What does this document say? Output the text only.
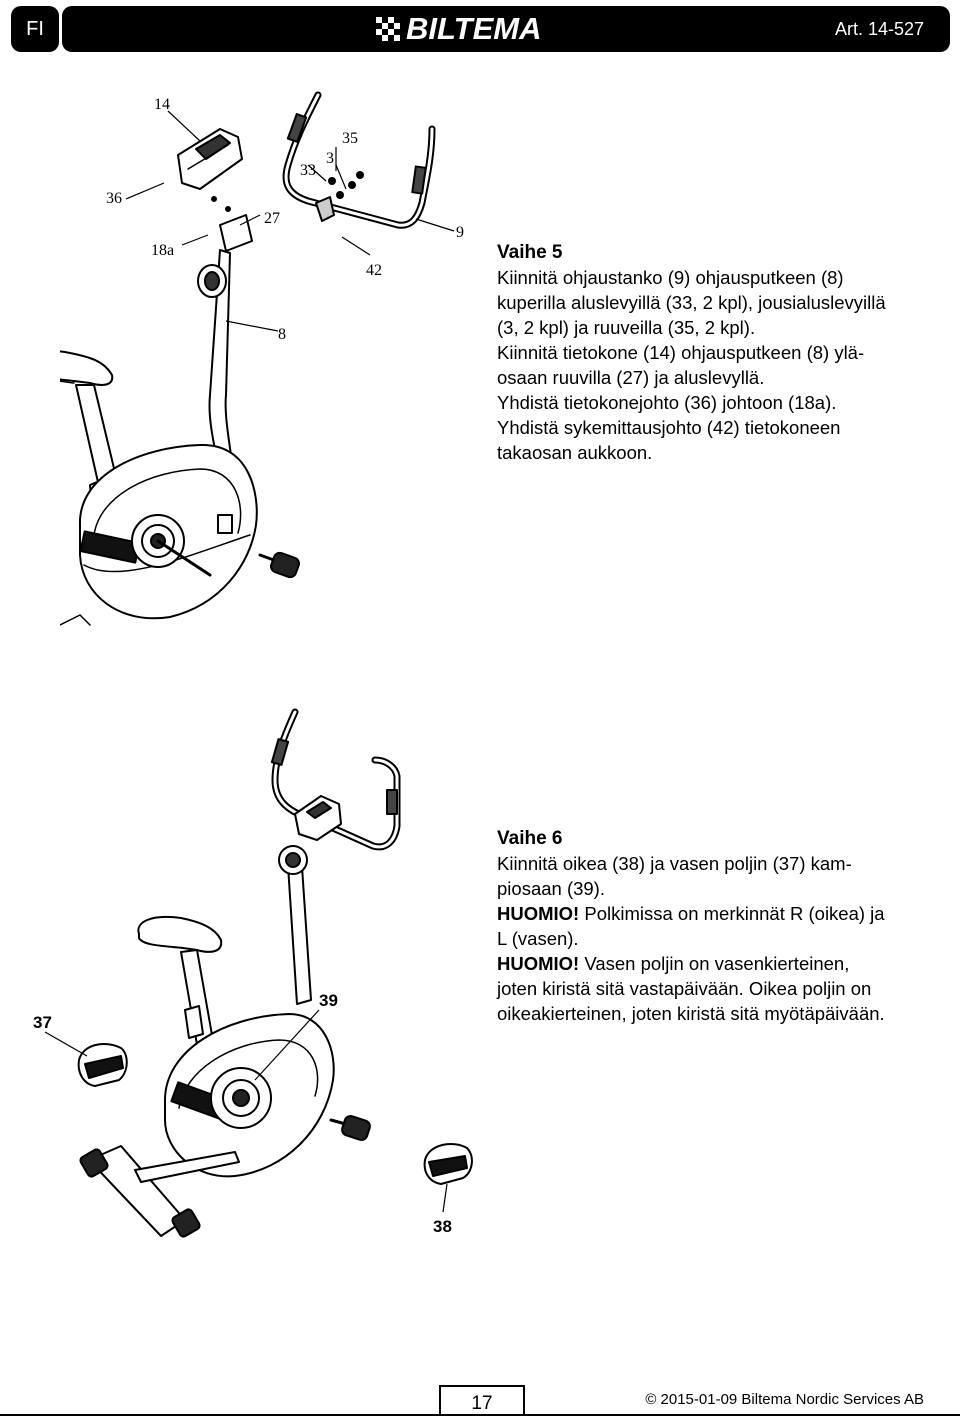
FI	BILTEMA	Art. 14-527
14
36
18a
27
35
33
3
42
9
8

Vaihe 5

Kiinnitä ohjaustanko (9) ohjausputkeen (8)

kuperilla aluslevyillä (33, 2 kpl), jousialuslevyillä

(3, 2 kpl) ja ruuveilla (35, 2 kpl).

Kiinnitä tietokone (14) ohjausputkeen (8) ylä-

osaan ruuvilla (27) ja aluslevyllä.

Yhdistä tietokonejohto (36) johtoon (18a).

Yhdistä sykemittausjohto (42) tietokoneen

takaosan aukkoon.

37
38
39

Vaihe 6

Kiinnitä oikea (38) ja vasen poljin (37) kam-

piosaan (39).

HUOMIO! Polkimissa on merkinnät R (oikea) ja

L (vasen).

HUOMIO! Vasen poljin on vasenkierteinen,

joten kiristä sitä vastapäivään. Oikea poljin on

oikeakierteinen, joten kiristä sitä myötäpäivään.

17	© 2015-01-09 Biltema Nordic Services AB
